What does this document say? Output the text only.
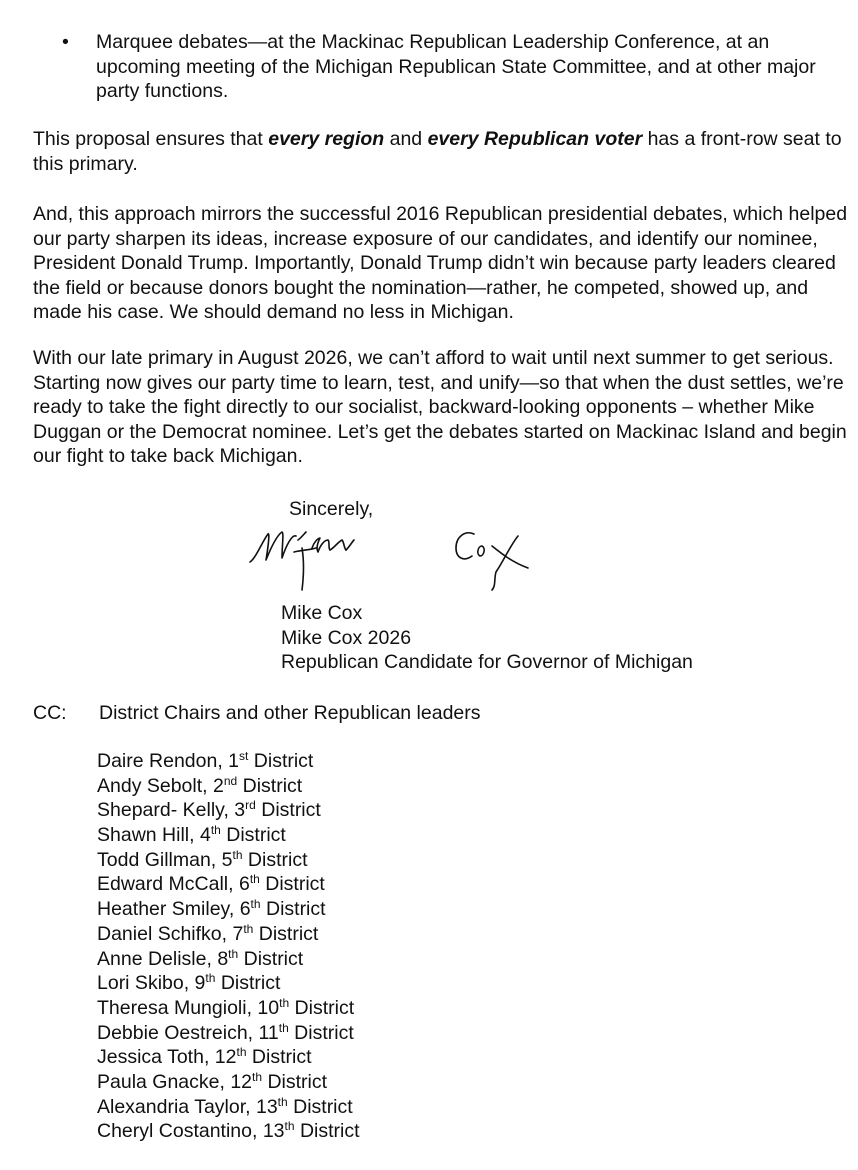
• Marquee debates—at the Mackinac Republican Leadership Conference, at an upcoming meeting of the Michigan Republican State Committee, and at other major party functions.

This proposal ensures that every region and every Republican voter has a front-row seat to this primary.

And, this approach mirrors the successful 2016 Republican presidential debates, which helped our party sharpen its ideas, increase exposure of our candidates, and identify our nominee, President Donald Trump. Importantly, Donald Trump didn’t win because party leaders cleared the field or because donors bought the nomination—rather, he competed, showed up, and made his case. We should demand no less in Michigan.

With our late primary in August 2026, we can’t afford to wait until next summer to get serious. Starting now gives our party time to learn, test, and unify—so that when the dust settles, we’re ready to take the fight directly to our socialist, backward-looking opponents – whether Mike Duggan or the Democrat nominee. Let’s get the debates started on Mackinac Island and begin our fight to take back Michigan.

Sincerely,
Mike Cox
Mike Cox 2026
Republican Candidate for Governor of Michigan
CC: District Chairs and other Republican leaders
Daire Rendon, 1st District
Andy Sebolt, 2nd District
Shepard- Kelly, 3rd District
Shawn Hill, 4th District
Todd Gillman, 5th District
Edward McCall, 6th District
Heather Smiley, 6th District
Daniel Schifko, 7th District
Anne Delisle, 8th District
Lori Skibo, 9th District
Theresa Mungioli, 10th District
Debbie Oestreich, 11th District
Jessica Toth, 12th District
Paula Gnacke, 12th District
Alexandria Taylor, 13th District
Cheryl Costantino, 13th District
